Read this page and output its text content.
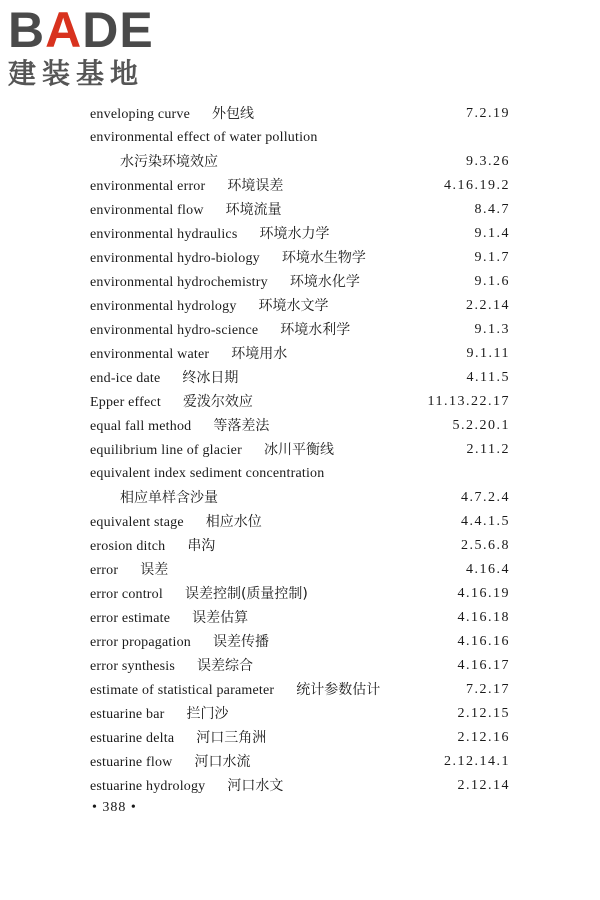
BADE
建装基地
enveloping curve 外包线	7.2.19
environmental effect of water pollution
水污染环境效应	9.3.26
environmental error 环境误差	4.16.19.2
environmental flow 环境流量	8.4.7
environmental hydraulics 环境水力学	9.1.4
environmental hydro-biology 环境水生物学	9.1.7
environmental hydrochemistry 环境水化学	9.1.6
environmental hydrology 环境水文学	2.2.14
environmental hydro-science 环境水利学	9.1.3
environmental water 环境用水	9.1.11
end-ice date 终冰日期	4.11.5
Epper effect 爱泼尔效应	11.13.22.17
equal fall method 等落差法	5.2.20.1
equilibrium line of glacier 冰川平衡线	2.11.2
equivalent index sediment concentration
相应单样含沙量	4.7.2.4
equivalent stage 相应水位	4.4.1.5
erosion ditch 串沟	2.5.6.8
error 误差	4.16.4
error control 误差控制(质量控制)	4.16.19
error estimate 误差估算	4.16.18
error propagation 误差传播	4.16.16
error synthesis 误差综合	4.16.17
estimate of statistical parameter 统计参数估计	7.2.17
estuarine bar 拦门沙	2.12.15
estuarine delta 河口三角洲	2.12.16
estuarine flow 河口水流	2.12.14.1
estuarine hydrology 河口水文	2.12.14
• 388 •
